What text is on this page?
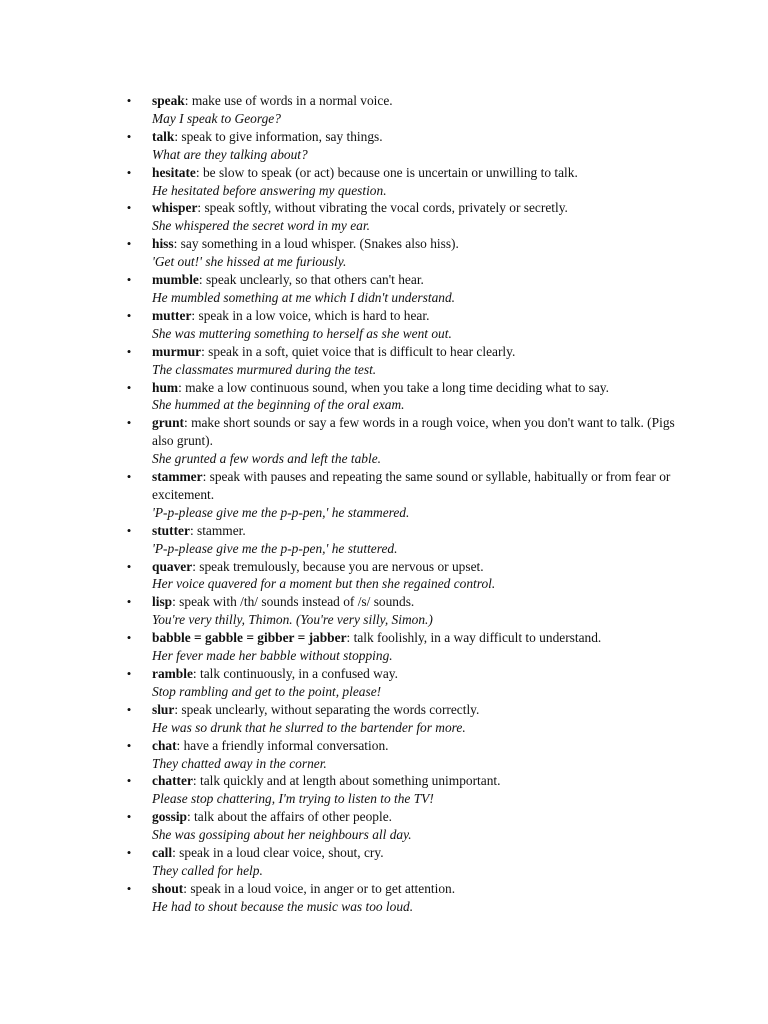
• speak: make use of words in a normal voice.
May I speak to George?
• talk: speak to give information, say things.
What are they talking about?
• hesitate: be slow to speak (or act) because one is uncertain or unwilling to talk.
He hesitated before answering my question.
• whisper: speak softly, without vibrating the vocal cords, privately or secretly.
She whispered the secret word in my ear.
• hiss: say something in a loud whisper. (Snakes also hiss).
'Get out!' she hissed at me furiously.
• mumble: speak unclearly, so that others can't hear.
He mumbled something at me which I didn't understand.
• mutter: speak in a low voice, which is hard to hear.
She was muttering something to herself as she went out.
• murmur: speak in a soft, quiet voice that is difficult to hear clearly.
The classmates murmured during the test.
• hum: make a low continuous sound, when you take a long time deciding what to say.
She hummed at the beginning of the oral exam.
• grunt: make short sounds or say a few words in a rough voice, when you don't want to talk. (Pigs also grunt).
She grunted a few words and left the table.
• stammer: speak with pauses and repeating the same sound or syllable, habitually or from fear or excitement.
'P-p-please give me the p-p-pen,' he stammered.
• stutter: stammer.
'P-p-please give me the p-p-pen,' he stuttered.
• quaver: speak tremulously, because you are nervous or upset.
Her voice quavered for a moment but then she regained control.
• lisp: speak with /th/ sounds instead of /s/ sounds.
You're very thilly, Thimon. (You're very silly, Simon.)
• babble = gabble = gibber = jabber: talk foolishly, in a way difficult to understand.
Her fever made her babble without stopping.
• ramble: talk continuously, in a confused way.
Stop rambling and get to the point, please!
• slur: speak unclearly, without separating the words correctly.
He was so drunk that he slurred to the bartender for more.
• chat: have a friendly informal conversation.
They chatted away in the corner.
• chatter: talk quickly and at length about something unimportant.
Please stop chattering, I'm trying to listen to the TV!
• gossip: talk about the affairs of other people.
She was gossiping about her neighbours all day.
• call: speak in a loud clear voice, shout, cry.
They called for help.
• shout: speak in a loud voice, in anger or to get attention.
He had to shout because the music was too loud.
